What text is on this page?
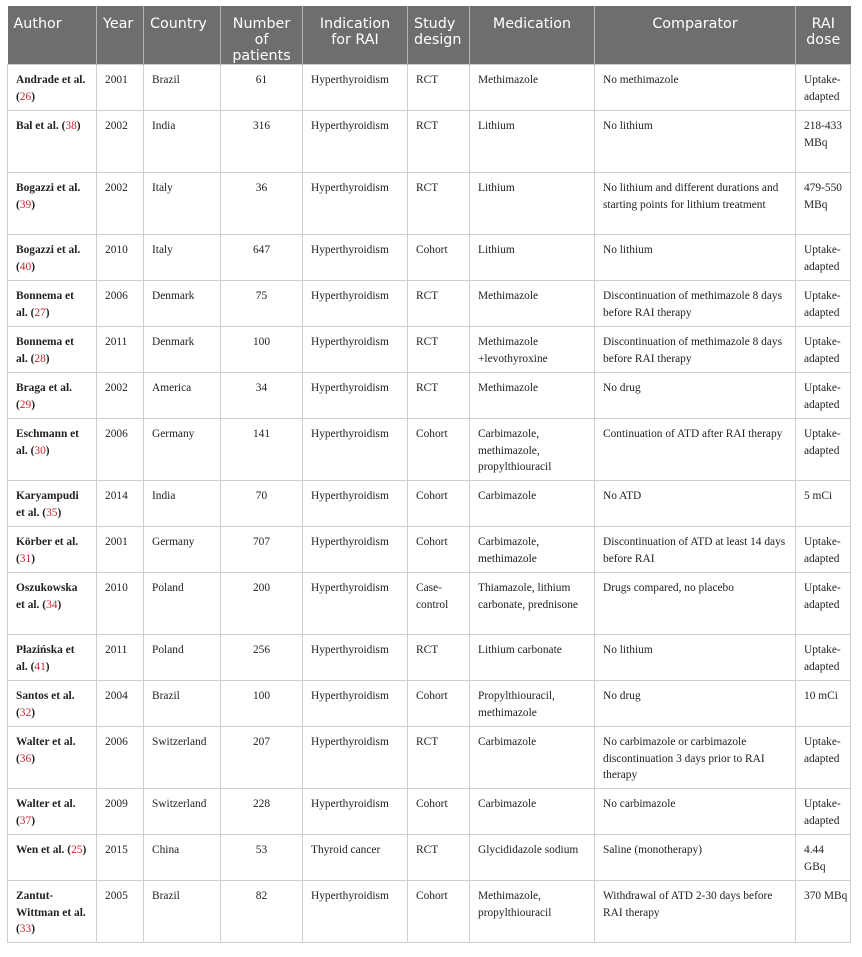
Author	Year	Country	Number of patients	Indication for RAI	Study design	Medication	Comparator	RAI dose
Andrade et al. (26)	2001	Brazil	61	Hyperthyroidism	RCT	Methimazole	No methimazole	Uptake-adapted
Bal et al. (38)	2002	India	316	Hyperthyroidism	RCT	Lithium	No lithium	218-433 MBq
Bogazzi et al. (39)	2002	Italy	36	Hyperthyroidism	RCT	Lithium	No lithium and different durations and starting points for lithium treatment	479-550 MBq
Bogazzi et al. (40)	2010	Italy	647	Hyperthyroidism	Cohort	Lithium	No lithium	Uptake-adapted
Bonnema et al. (27)	2006	Denmark	75	Hyperthyroidism	RCT	Methimazole	Discontinuation of methimazole 8 days before RAI therapy	Uptake-adapted
Bonnema et al. (28)	2011	Denmark	100	Hyperthyroidism	RCT	Methimazole +levothyroxine	Discontinuation of methimazole 8 days before RAI therapy	Uptake-adapted
Braga et al. (29)	2002	America	34	Hyperthyroidism	RCT	Methimazole	No drug	Uptake-adapted
Eschmann et al. (30)	2006	Germany	141	Hyperthyroidism	Cohort	Carbimazole, methimazole, propylthiouracil	Continuation of ATD after RAI therapy	Uptake-adapted
Karyampudi et al. (35)	2014	India	70	Hyperthyroidism	Cohort	Carbimazole	No ATD	5 mCi
Körber et al. (31)	2001	Germany	707	Hyperthyroidism	Cohort	Carbimazole, methimazole	Discontinuation of ATD at least 14 days before RAI	Uptake-adapted
Oszukowska et al. (34)	2010	Poland	200	Hyperthyroidism	Case-control	Thiamazole, lithium carbonate, prednisone	Drugs compared, no placebo	Uptake-adapted
Płazińska et al. (41)	2011	Poland	256	Hyperthyroidism	RCT	Lithium carbonate	No lithium	Uptake-adapted
Santos et al. (32)	2004	Brazil	100	Hyperthyroidism	Cohort	Propylthiouracil, methimazole	No drug	10 mCi
Walter et al. (36)	2006	Switzerland	207	Hyperthyroidism	RCT	Carbimazole	No carbimazole or carbimazole discontinuation 3 days prior to RAI therapy	Uptake-adapted
Walter et al. (37)	2009	Switzerland	228	Hyperthyroidism	Cohort	Carbimazole	No carbimazole	Uptake-adapted
Wen et al. (25)	2015	China	53	Thyroid cancer	RCT	Glycididazole sodium	Saline (monotherapy)	4.44 GBq
Zantut-Wittman et al. (33)	2005	Brazil	82	Hyperthyroidism	Cohort	Methimazole, propylthiouracil	Withdrawal of ATD 2-30 days before RAI therapy	370 MBq
